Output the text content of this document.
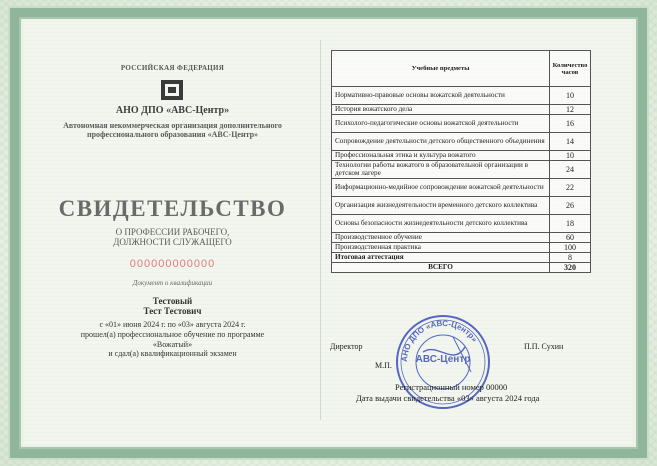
РОССИЙСКАЯ ФЕДЕРАЦИЯ
АНО ДПО «АВС-Центр»
Автономная некоммерческая организация дополнительного профессионального образования «АВС-Центр»
СВИДЕТЕЛЬСТВО
О ПРОФЕССИИ РАБОЧЕГО, ДОЛЖНОСТИ СЛУЖАЩЕГО
000000000000
Документ о квалификации
Тестовый
Тест Тестович
с «01» июня 2024 г. по «03» августа 2024 г.
прошел(а) профессиональное обучение по программе
«Вожатый»
и сдал(а) квалификационный экзамен
Учебные предметы	Количество часов
Нормативно-правовые основы вожатской деятельности	10
История вожатского дела	12
Психолого-педагогические основы вожатской деятельности	16
Сопровождение деятельности детского общественного объединения	14
Профессиональная этика и культура вожатого	10
Технологии работы вожатого в образовательной организации в детском лагере	24
Информационно-медийное сопровождение вожатской деятельности	22
Организация жизнедеятельности временного детского коллектива	26
Основы безопасности жизнедеятельности детского коллектива	18
Производственное обучение	60
Производственная практика	100
Итоговая аттестация	8
ВСЕГО	320
Директор	П.П. Сухин
М.П.
АНО ДПО «АВС-Центр»
АВС-Центр
Регистрационный номер 00000
Дата выдачи свидетельства «03» августа 2024 года
